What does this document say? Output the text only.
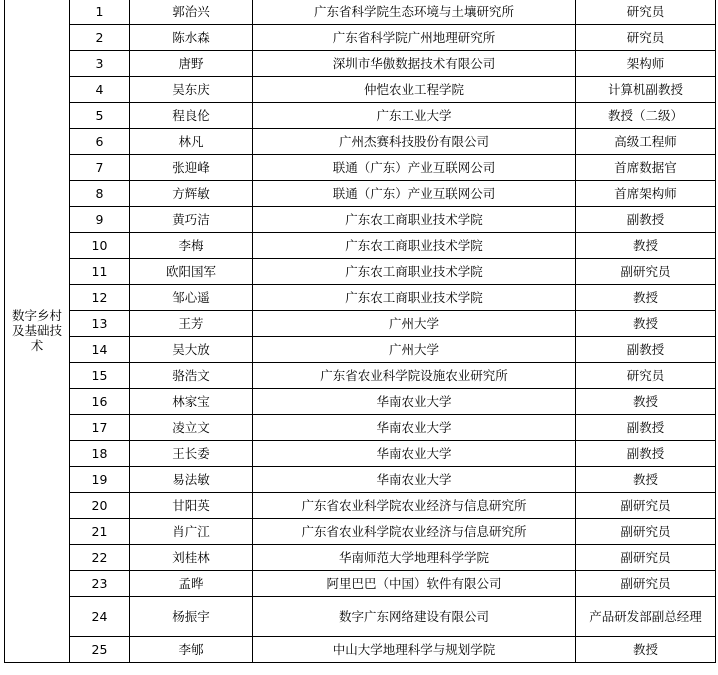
数字乡村及基础技术	1	郭治兴	广东省科学院生态环境与土壤研究所	研究员
	2	陈水森	广东省科学院广州地理研究所	研究员
	3	唐野	深圳市华傲数据技术有限公司	架构师
	4	吴东庆	仲恺农业工程学院	计算机副教授
	5	程良伦	广东工业大学	教授（二级）
	6	林凡	广州杰赛科技股份有限公司	高级工程师
	7	张迎峰	联通（广东）产业互联网公司	首席数据官
	8	方辉敏	联通（广东）产业互联网公司	首席架构师
	9	黄巧洁	广东农工商职业技术学院	副教授
	10	李梅	广东农工商职业技术学院	教授
	11	欧阳国军	广东农工商职业技术学院	副研究员
	12	邹心遥	广东农工商职业技术学院	教授
	13	王芳	广州大学	教授
	14	吴大放	广州大学	副教授
	15	骆浩文	广东省农业科学院设施农业研究所	研究员
	16	林家宝	华南农业大学	教授
	17	凌立文	华南农业大学	副教授
	18	王长委	华南农业大学	副教授
	19	易法敏	华南农业大学	教授
	20	甘阳英	广东省农业科学院农业经济与信息研究所	副研究员
	21	肖广江	广东省农业科学院农业经济与信息研究所	副研究员
	22	刘桂林	华南师范大学地理科学学院	副研究员
	23	孟晔	阿里巴巴（中国）软件有限公司	副研究员
	24	杨振宇	数字广东网络建设有限公司	产品研发部副总经理
	25	李郇	中山大学地理科学与规划学院	教授
